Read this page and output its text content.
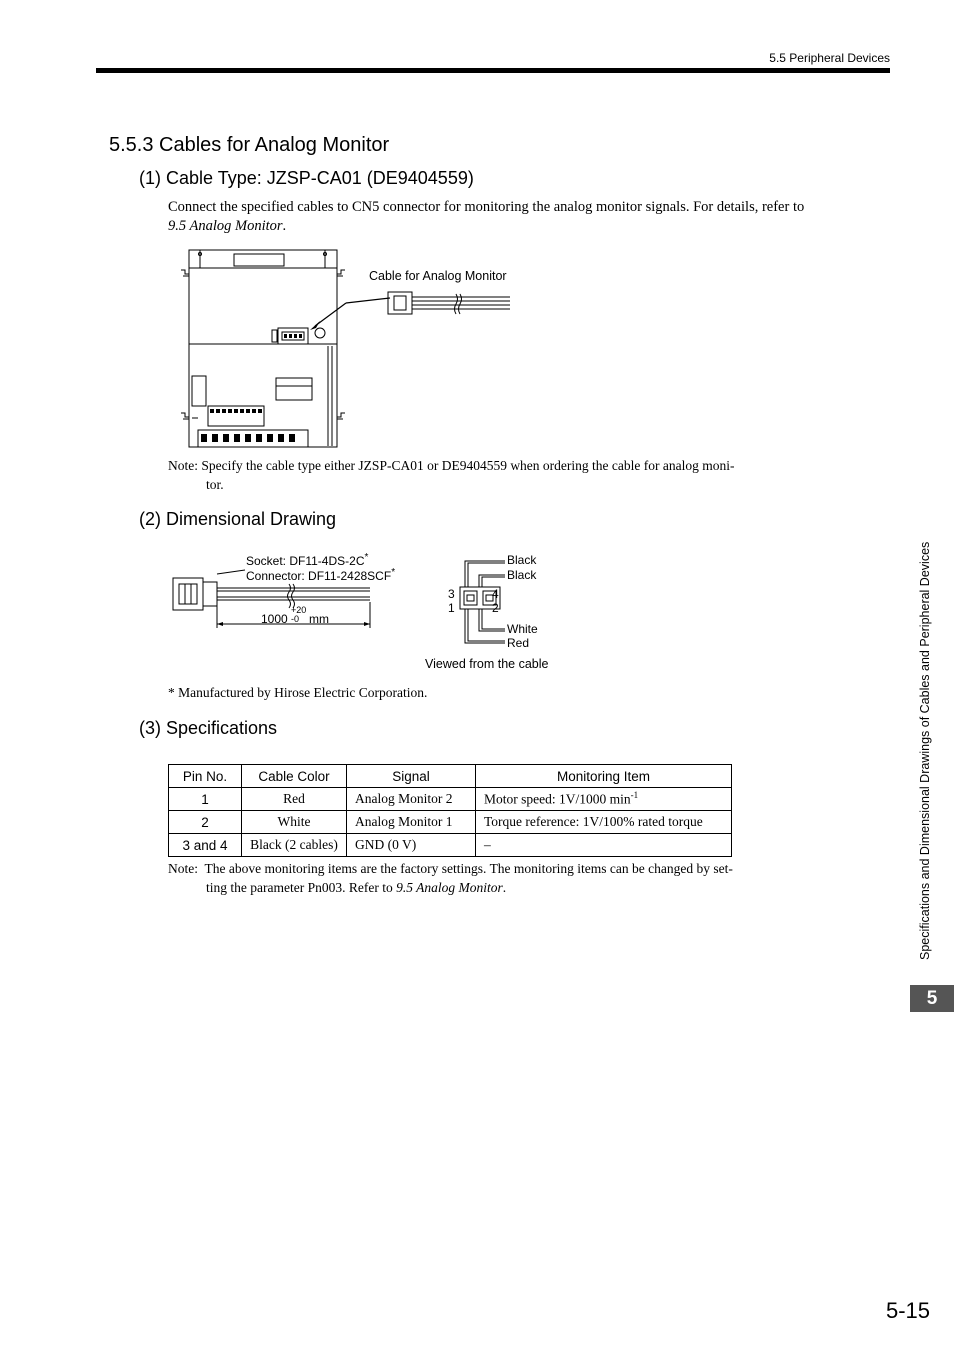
5.5 Peripheral Devices
5.5.3 Cables for Analog Monitor
(1) Cable Type: JZSP-CA01 (DE9404559)
Connect the specified cables to CN5 connector for monitoring the analog monitor signals. For details, refer to
9.5 Analog Monitor.
Cable for Analog Monitor
Note: Specify the cable type either JZSP-CA01 or DE9404559 when ordering the cable for analog moni-
tor.
(2) Dimensional Drawing
Socket: DF11-4DS-2C*
Connector: DF11-2428SCF*
1000
+20
-0 mm
3
1
4
2
Black
Black
White
Red
Viewed from the cable
* Manufactured by Hirose Electric Corporation.
(3) Specifications
Pin No.	Cable Color	Signal	Monitoring Item
1	Red	Analog Monitor 2	Motor speed: 1V/1000 $\min^{-1}$
2	White	Analog Monitor 1	Torque reference: 1V/100% rated torque
3 and 4	Black (2 cables)	GND (0 V)	–
Note: The above monitoring items are the factory settings. The monitoring items can be changed by set-
ting the parameter Pn003. Refer to 9.5 Analog Monitor.	Specifications and Dimensional Drawings of Cables and Peripheral Devices
5
5-15
